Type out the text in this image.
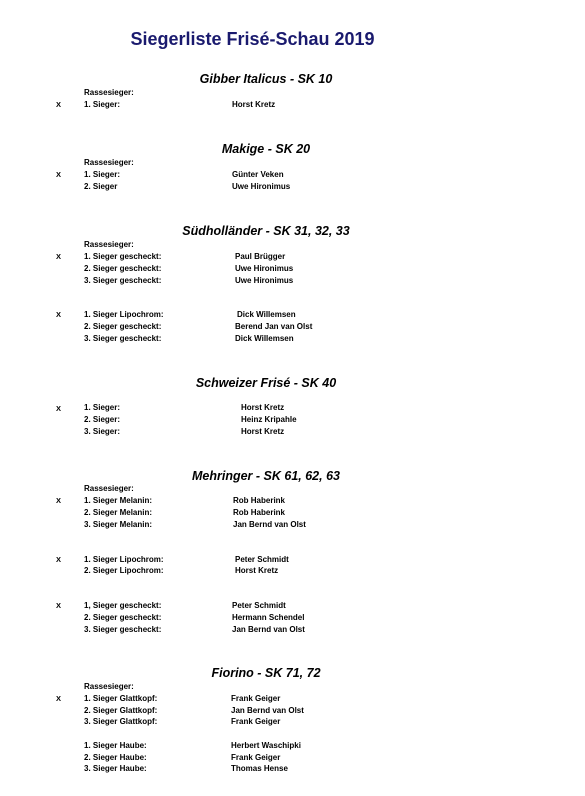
Siegerliste Frisé-Schau 2019
Gibber Italicus - SK 10
Rassesieger:
X	1. Sieger:	Horst Kretz
Makige - SK 20
Rassesieger:
X	1. Sieger:	Günter Veken
2. Sieger	Uwe Hironimus
Südholländer - SK 31, 32, 33
Rassesieger:
X	1. Sieger gescheckt:	Paul Brügger
2. Sieger gescheckt:	Uwe Hironimus
3. Sieger gescheckt:	Uwe Hironimus
X	1. Sieger Lipochrom:	Dick Willemsen
2. Sieger gescheckt:	Berend Jan van Olst
3. Sieger gescheckt:	Dick Willemsen
Schweizer Frisé - SK 40
X	1. Sieger:	Horst Kretz
2. Sieger:	Heinz Kripahle
3. Sieger:	Horst Kretz
Mehringer - SK 61, 62, 63
Rassesieger:
X	1. Sieger Melanin:	Rob Haberink
2. Sieger Melanin:	Rob Haberink
3. Sieger Melanin:	Jan Bernd van Olst
X	1. Sieger Lipochrom:	Peter Schmidt
2. Sieger Lipochrom:	Horst Kretz
X	1, Sieger gescheckt:	Peter Schmidt
2. Sieger gescheckt:	Hermann Schendel
3. Sieger gescheckt:	Jan Bernd van Olst
Fiorino - SK 71, 72
Rassesieger:
X	1. Sieger Glattkopf:	Frank Geiger
2. Sieger Glattkopf:	Jan Bernd van Olst
3. Sieger Glattkopf:	Frank Geiger
1. Sieger Haube:	Herbert Waschipki
2. Sieger Haube:	Frank Geiger
3. Sieger Haube:	Thomas Hense
